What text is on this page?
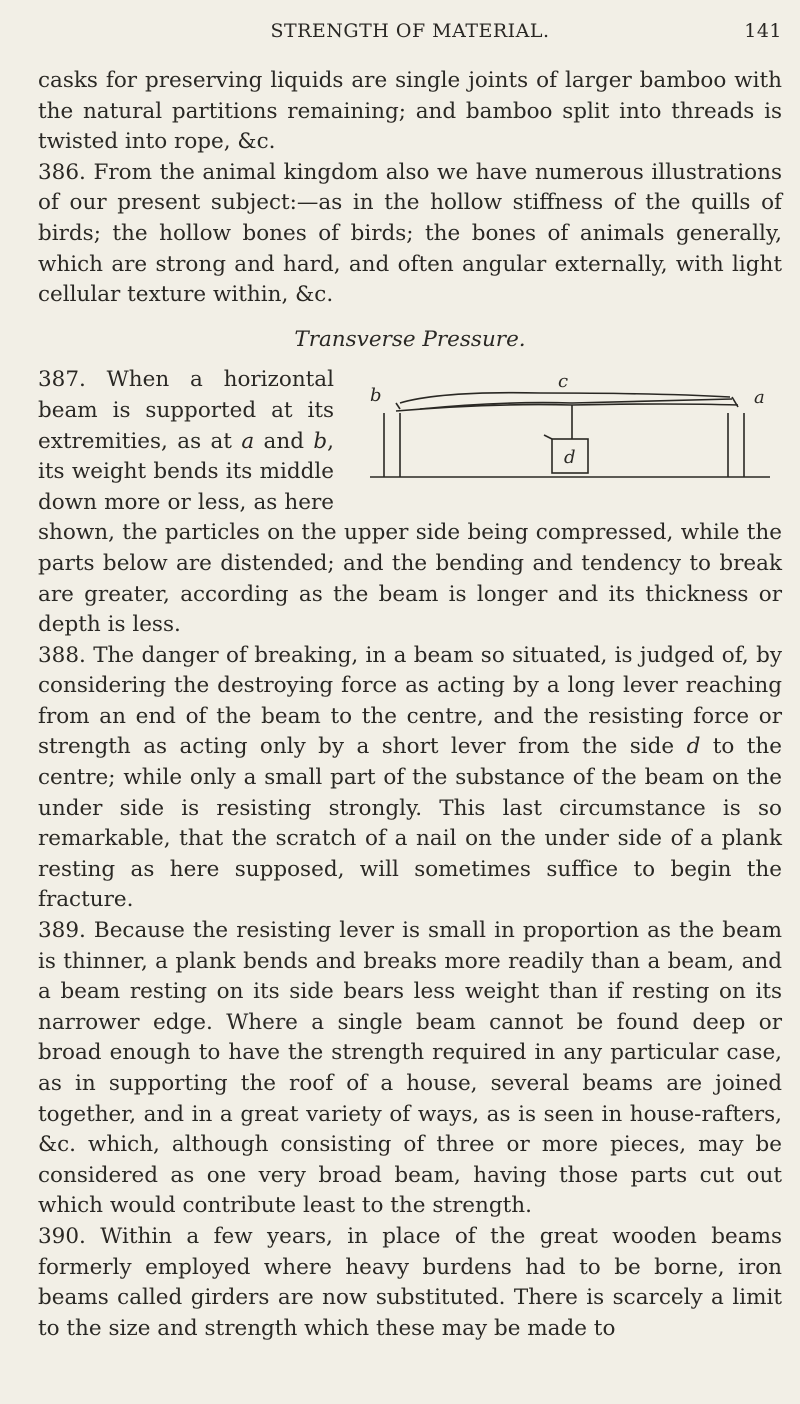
STRENGTH OF MATERIAL.	141

casks for preserving liquids are single joints of larger bamboo with the natural partitions remaining; and bamboo split into threads is twisted into rope, &c.

386. From the animal kingdom also we have numerous illustrations of our present subject:—as in the hollow stiffness of the quills of birds; the hollow bones of birds; the bones of animals generally, which are strong and hard, and often angular externally, with light cellular texture within, &c.

Transverse Pressure.

b
c
a
d
387. When a horizontal beam is supported at its extremities, as at a and b, its weight bends its middle down more or less, as here shown, the particles on the upper side being compressed, while the parts below are distended; and the bending and tendency to break are greater, according as the beam is longer and its thickness or depth is less.

388. The danger of breaking, in a beam so situated, is judged of, by considering the destroying force as acting by a long lever reaching from an end of the beam to the centre, and the resisting force or strength as acting only by a short lever from the side d to the centre; while only a small part of the substance of the beam on the under side is resisting strongly. This last circumstance is so remarkable, that the scratch of a nail on the under side of a plank resting as here supposed, will sometimes suffice to begin the fracture.

389. Because the resisting lever is small in proportion as the beam is thinner, a plank bends and breaks more readily than a beam, and a beam resting on its side bears less weight than if resting on its narrower edge. Where a single beam cannot be found deep or broad enough to have the strength required in any particular case, as in supporting the roof of a house, several beams are joined together, and in a great variety of ways, as is seen in house-rafters, &c. which, although consisting of three or more pieces, may be considered as one very broad beam, having those parts cut out which would contribute least to the strength.

390. Within a few years, in place of the great wooden beams formerly employed where heavy burdens had to be borne, iron beams called girders are now substituted. There is scarcely a limit to the size and strength which these may be made to
